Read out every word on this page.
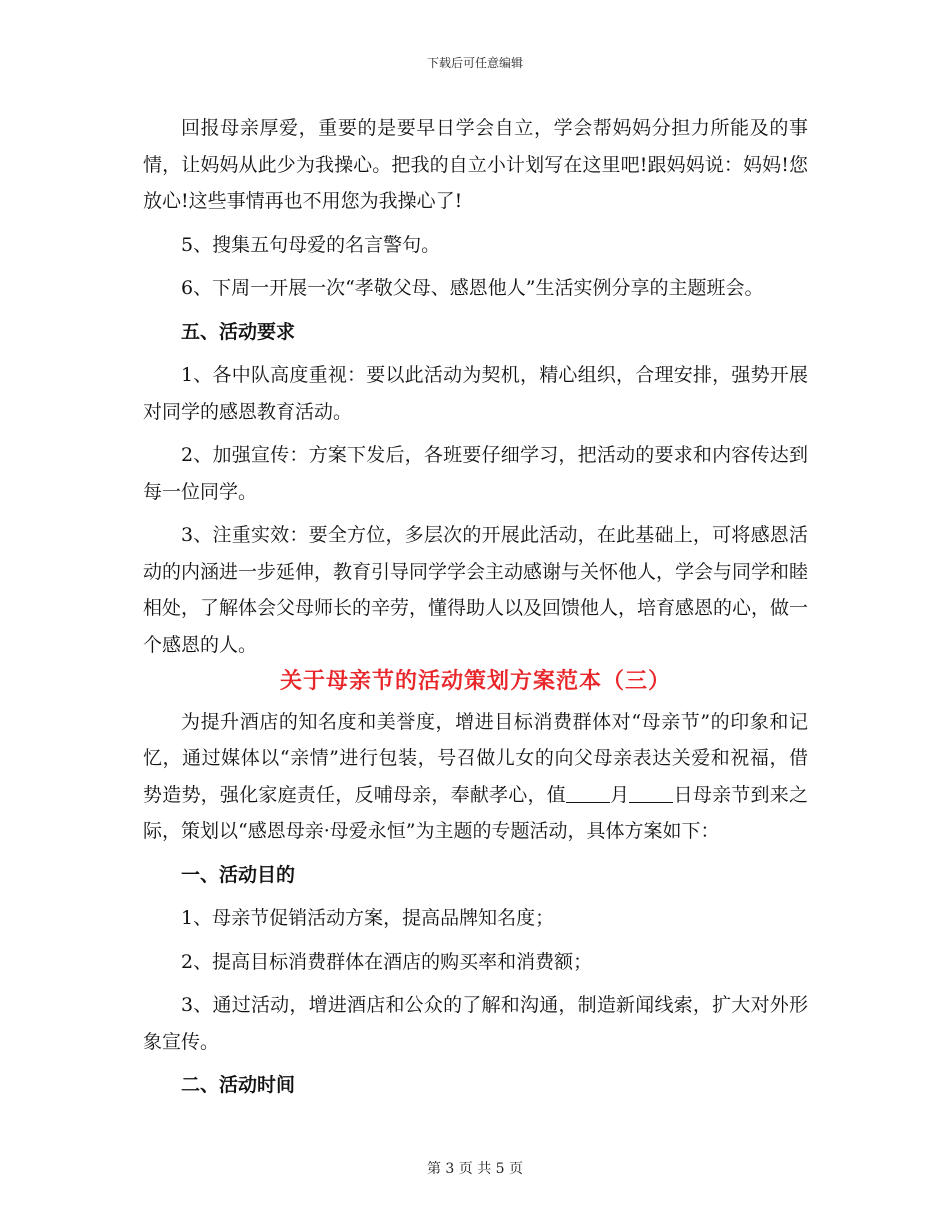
下载后可任意编辑

回报母亲厚爱，重要的是要早日学会自立，学会帮妈妈分担力所能及的事情，让妈妈从此少为我操心。把我的自立小计划写在这里吧!跟妈妈说：妈妈!您放心!这些事情再也不用您为我操心了!

5、搜集五句母爱的名言警句。

6、下周一开展一次“孝敬父母、感恩他人”生活实例分享的主题班会。

五、活动要求

1、各中队高度重视：要以此活动为契机，精心组织，合理安排，强势开展对同学的感恩教育活动。

2、加强宣传：方案下发后，各班要仔细学习，把活动的要求和内容传达到每一位同学。

3、注重实效：要全方位，多层次的开展此活动，在此基础上，可将感恩活动的内涵进一步延伸，教育引导同学学会主动感谢与关怀他人，学会与同学和睦相处，了解体会父母师长的辛劳，懂得助人以及回馈他人，培育感恩的心，做一个感恩的人。

关于母亲节的活动策划方案范本（三）

为提升酒店的知名度和美誉度，增进目标消费群体对“母亲节”的印象和记忆，通过媒体以“亲情”进行包装，号召做儿女的向父母亲表达关爱和祝福，借势造势，强化家庭责任，反哺母亲，奉献孝心，值 月 日母亲节到来之际，策划以“感恩母亲·母爱永恒”为主题的专题活动，具体方案如下：

一、活动目的

1、母亲节促销活动方案，提高品牌知名度；

2、提高目标消费群体在酒店的购买率和消费额；

3、通过活动，增进酒店和公众的了解和沟通，制造新闻线索，扩大对外形象宣传。

二、活动时间

第 3 页 共 5 页
